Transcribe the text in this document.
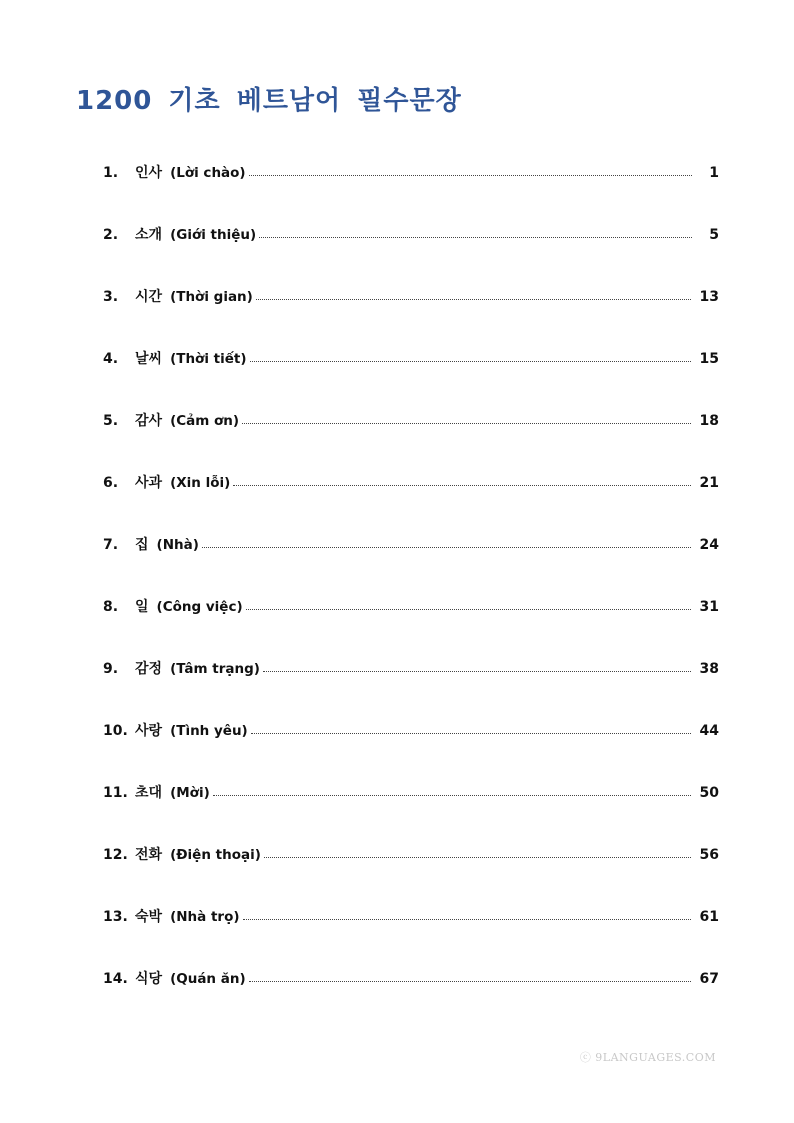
1200 기초 베트남어 필수문장
1.	인사 (Lời chào)	1
2.	소개 (Giới thiệu)	5
3.	시간 (Thời gian)	13
4.	날씨 (Thời tiết)	15
5.	감사 (Cảm ơn)	18
6.	사과 (Xin lỗi)	21
7.	집 (Nhà)	24
8.	일 (Công việc)	31
9.	감정 (Tâm trạng)	38
10. 사랑 (Tình yêu)	44
11. 초대 (Mời)	50
12. 전화 (Điện thoại)	56
13. 숙박 (Nhà trọ)	61
14. 식당 (Quán ăn)	67

ⓒ 9LANGUAGES.COM
